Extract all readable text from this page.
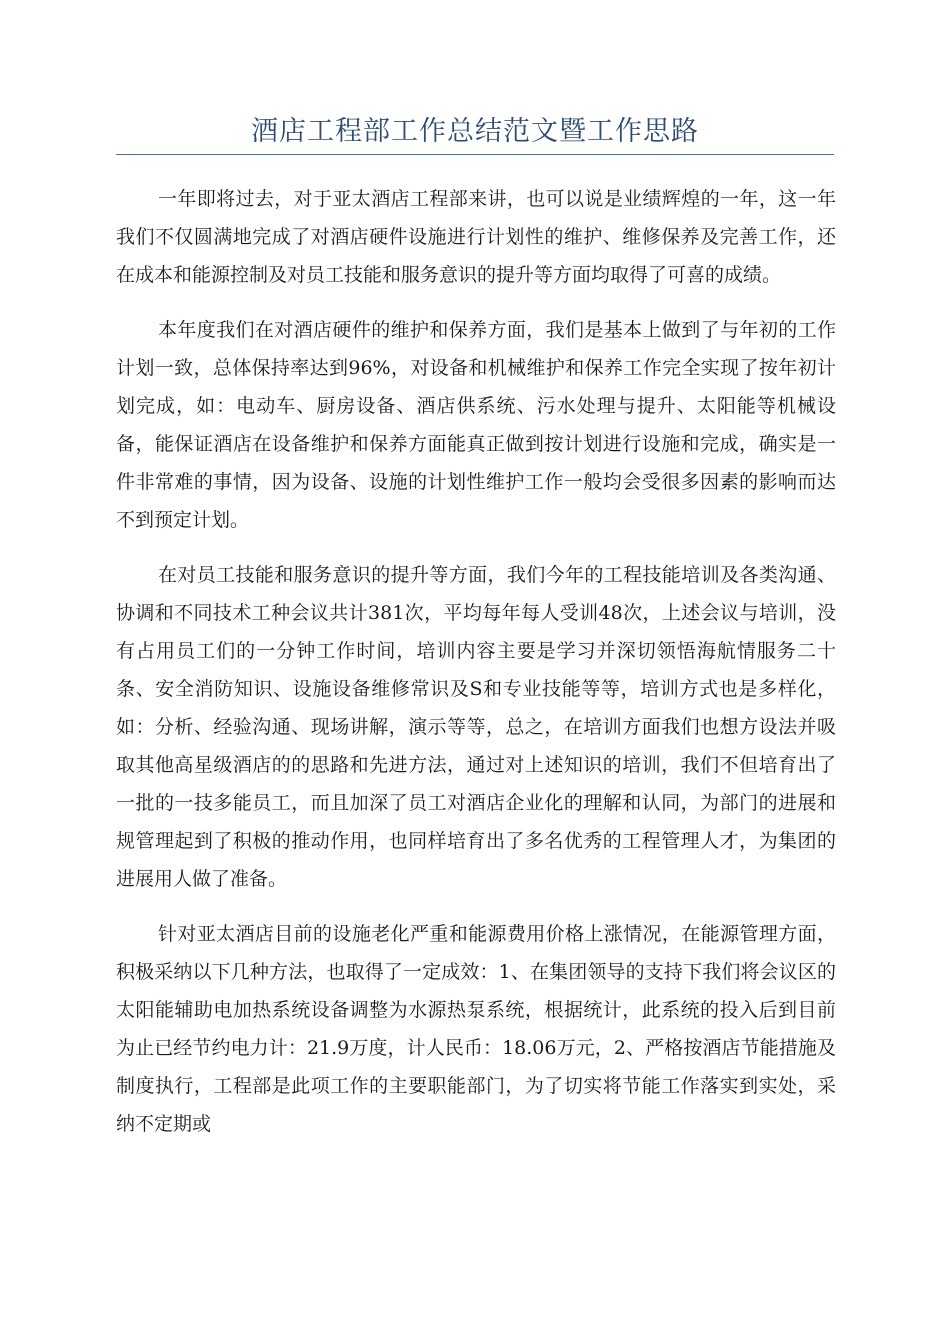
酒店工程部工作总结范文暨工作思路

一年即将过去，对于亚太酒店工程部来讲，也可以说是业绩辉煌的一年，这一年我们不仅圆满地完成了对酒店硬件设施进行计划性的维护、维修保养及完善工作，还在成本和能源控制及对员工技能和服务意识的提升等方面均取得了可喜的成绩。

本年度我们在对酒店硬件的维护和保养方面，我们是基本上做到了与年初的工作计划一致，总体保持率达到96%，对设备和机械维护和保养工作完全实现了按年初计划完成，如：电动车、厨房设备、酒店供系统、污水处理与提升、太阳能等机械设备，能保证酒店在设备维护和保养方面能真正做到按计划进行设施和完成，确实是一件非常难的事情，因为设备、设施的计划性维护工作一般均会受很多因素的影响而达不到预定计划。

在对员工技能和服务意识的提升等方面，我们今年的工程技能培训及各类沟通、协调和不同技术工种会议共计381次，平均每年每人受训48次，上述会议与培训，没有占用员工们的一分钟工作时间，培训内容主要是学习并深切领悟海航情服务二十条、安全消防知识、设施设备维修常识及S和专业技能等等，培训方式也是多样化，如：分析、经验沟通、现场讲解，演示等等，总之，在培训方面我们也想方设法并吸取其他高星级酒店的的思路和先进方法，通过对上述知识的培训，我们不但培育出了一批的一技多能员工，而且加深了员工对酒店企业化的理解和认同，为部门的进展和规管理起到了积极的推动作用，也同样培育出了多名优秀的工程管理人才，为集团的进展用人做了准备。

针对亚太酒店目前的设施老化严重和能源费用价格上涨情况，在能源管理方面，积极采纳以下几种方法，也取得了一定成效：1、在集团领导的支持下我们将会议区的太阳能辅助电加热系统设备调整为水源热泵系统，根据统计，此系统的投入后到目前为止已经节约电力计：21.9万度，计人民币：18.06万元，2、严格按酒店节能措施及制度执行，工程部是此项工作的主要职能部门，为了切实将节能工作落实到实处，采纳不定期或
